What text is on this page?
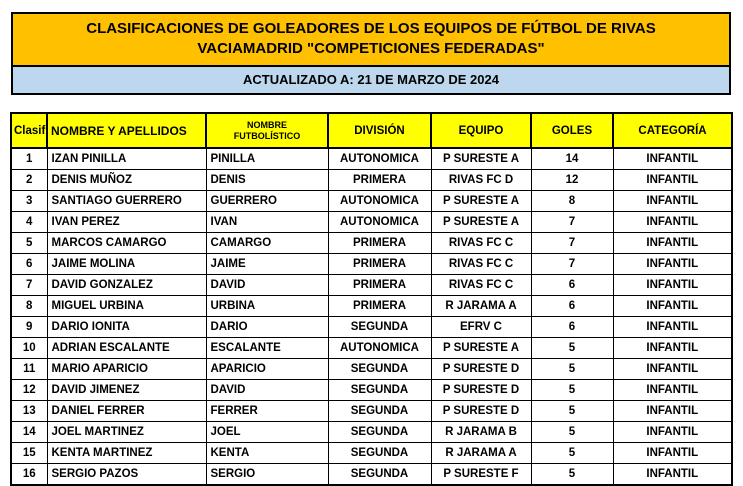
CLASIFICACIONES DE GOLEADORES DE LOS EQUIPOS DE FÚTBOL DE RIVAS VACIAMADRID "COMPETICIONES FEDERADAS"
ACTUALIZADO A: 21 DE MARZO DE 2024
Clasif	NOMBRE Y APELLIDOS	NOMBRE FUTBOLÍSTICO	DIVISIÓN	EQUIPO	GOLES	CATEGORÍA
1	IZAN PINILLA	PINILLA	AUTONOMICA	P SURESTE A	14	INFANTIL
2	DENIS MUÑOZ	DENIS	PRIMERA	RIVAS FC D	12	INFANTIL
3	SANTIAGO GUERRERO	GUERRERO	AUTONOMICA	P SURESTE A	8	INFANTIL
4	IVAN PEREZ	IVAN	AUTONOMICA	P SURESTE A	7	INFANTIL
5	MARCOS CAMARGO	CAMARGO	PRIMERA	RIVAS FC C	7	INFANTIL
6	JAIME MOLINA	JAIME	PRIMERA	RIVAS FC C	7	INFANTIL
7	DAVID GONZALEZ	DAVID	PRIMERA	RIVAS FC C	6	INFANTIL
8	MIGUEL URBINA	URBINA	PRIMERA	R JARAMA A	6	INFANTIL
9	DARIO IONITA	DARIO	SEGUNDA	EFRV C	6	INFANTIL
10	ADRIAN ESCALANTE	ESCALANTE	AUTONOMICA	P SURESTE A	5	INFANTIL
11	MARIO APARICIO	APARICIO	SEGUNDA	P SURESTE D	5	INFANTIL
12	DAVID JIMENEZ	DAVID	SEGUNDA	P SURESTE D	5	INFANTIL
13	DANIEL FERRER	FERRER	SEGUNDA	P SURESTE D	5	INFANTIL
14	JOEL MARTINEZ	JOEL	SEGUNDA	R JARAMA B	5	INFANTIL
15	KENTA MARTINEZ	KENTA	SEGUNDA	R JARAMA A	5	INFANTIL
16	SERGIO PAZOS	SERGIO	SEGUNDA	P SURESTE F	5	INFANTIL
